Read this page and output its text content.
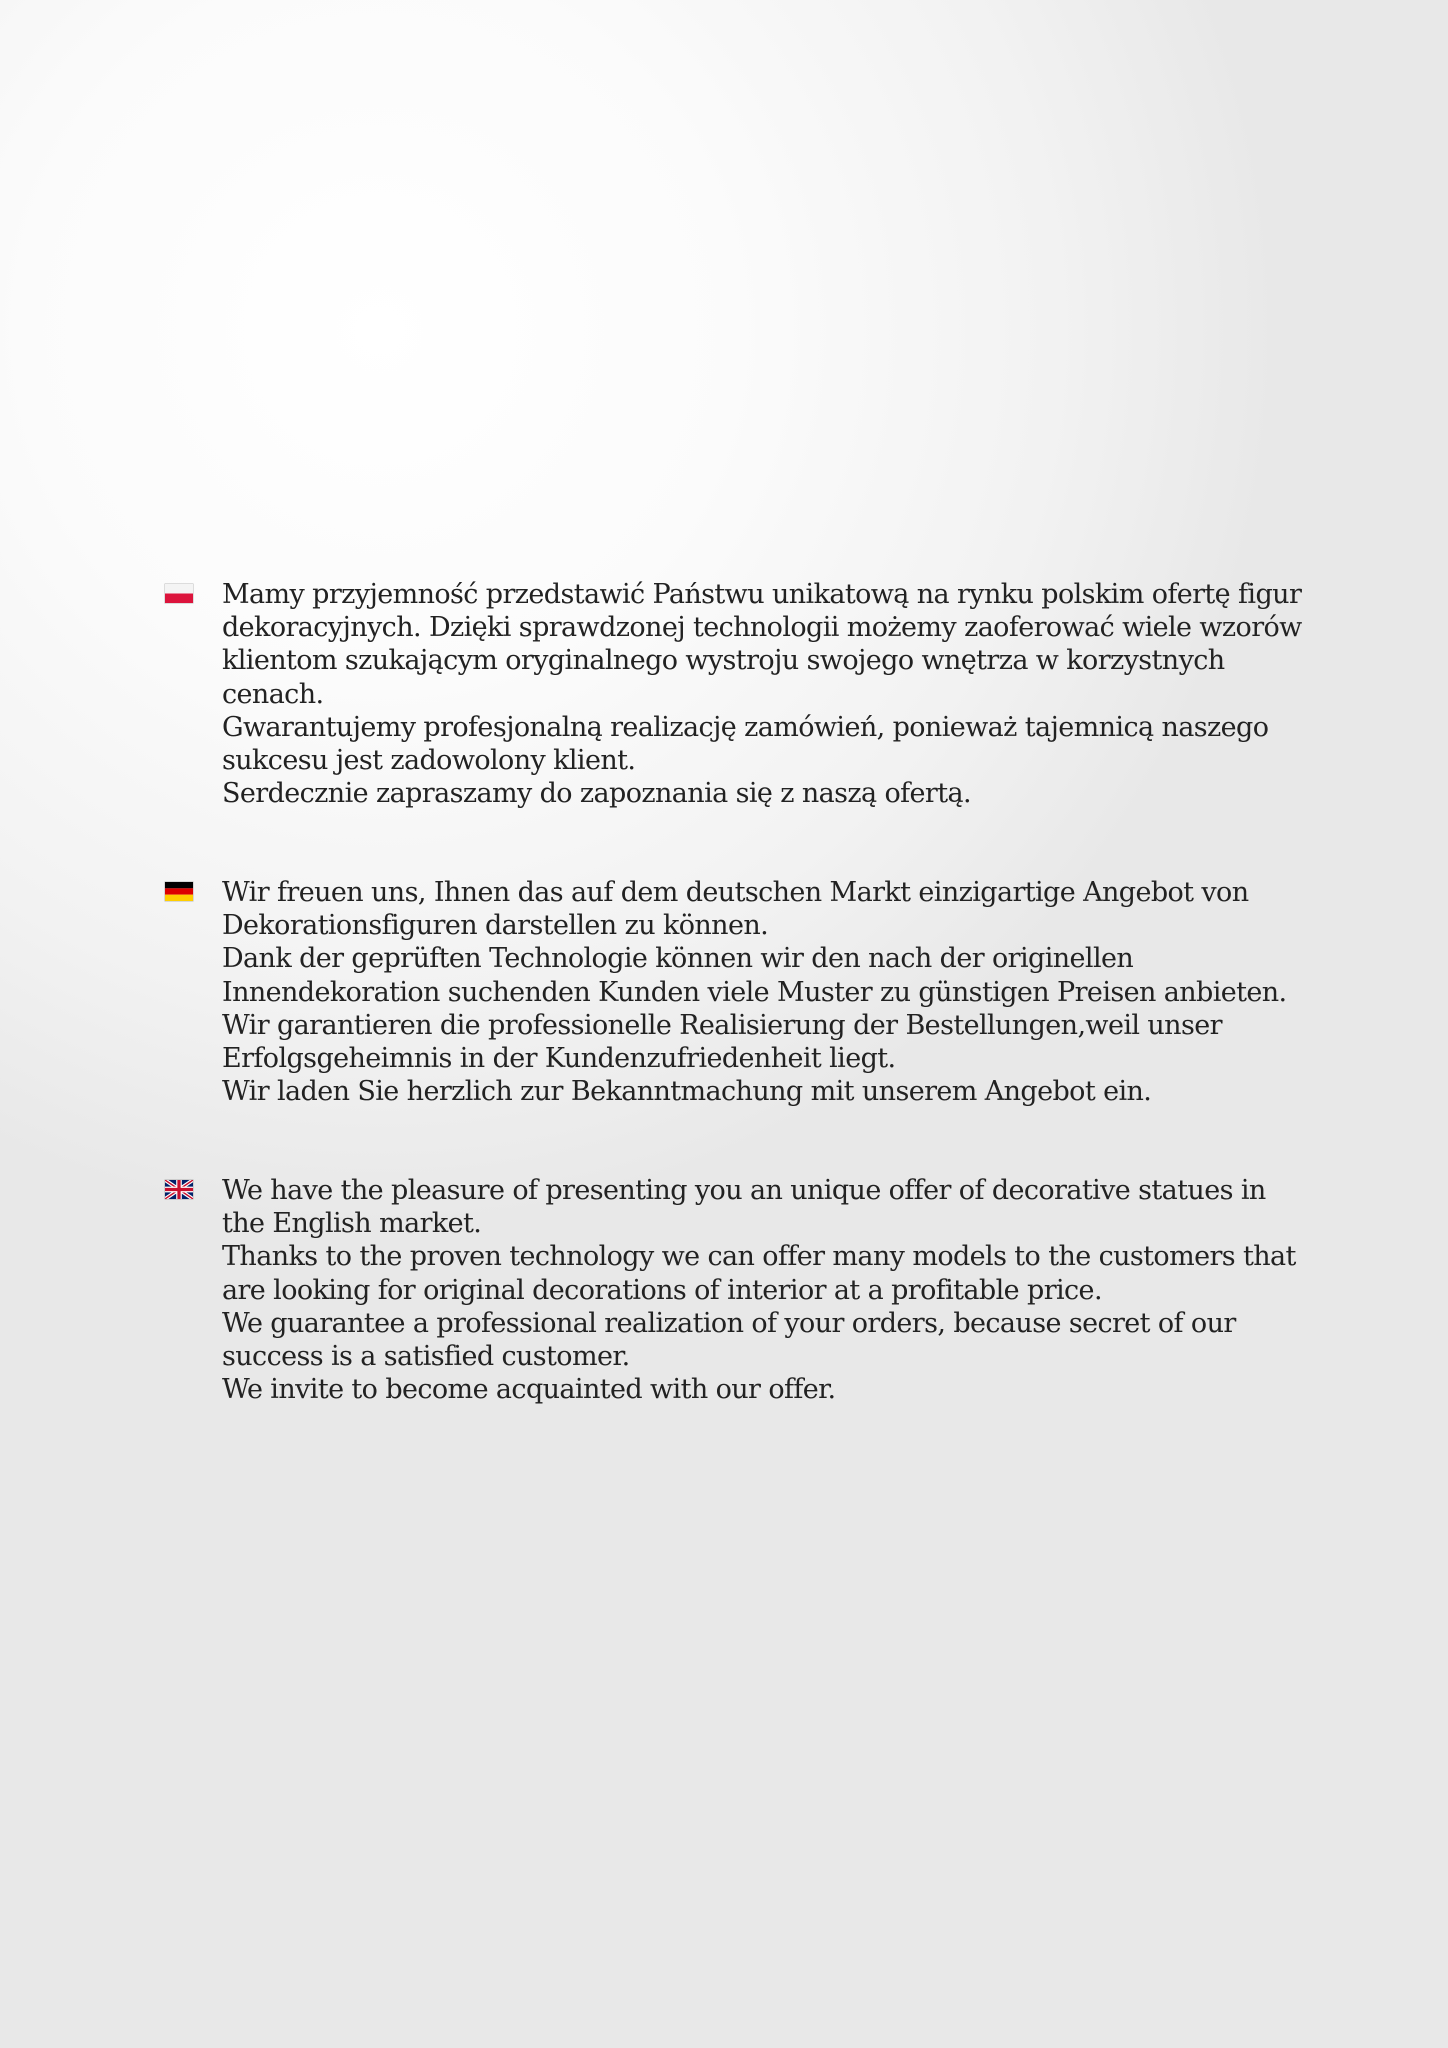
Mamy przyjemność przedstawić Państwu unikatową na rynku polskim ofertę figur dekoracyjnych. Dzięki sprawdzonej technologii możemy zaoferować wiele wzorów klientom szukającym oryginalnego wystroju swojego wnętrza w korzystnych cenach.

Gwarantujemy profesjonalną realizację zamówień, ponieważ tajemnicą naszego sukcesu jest zadowolony klient.

Serdecznie zapraszamy do zapoznania się z naszą ofertą.

Wir freuen uns, Ihnen das auf dem deutschen Markt einzigartige Angebot von Dekorationsfiguren darstellen zu können.

Dank der geprüften Technologie können wir den nach der originellen Innendekoration suchenden Kunden viele Muster zu günstigen Preisen anbieten.

Wir garantieren die professionelle Realisierung der Bestellungen,weil unser Erfolgsgeheimnis in der Kundenzufriedenheit liegt.

Wir laden Sie herzlich zur Bekanntmachung mit unserem Angebot ein.

We have the pleasure of presenting you an unique offer of decorative statues in the English market.

Thanks to the proven technology we can offer many models to the customers that are looking for original decorations of interior at a profitable price.

We guarantee a professional realization of your orders, because secret of our success is a satisfied customer.

We invite to become acquainted with our offer.
